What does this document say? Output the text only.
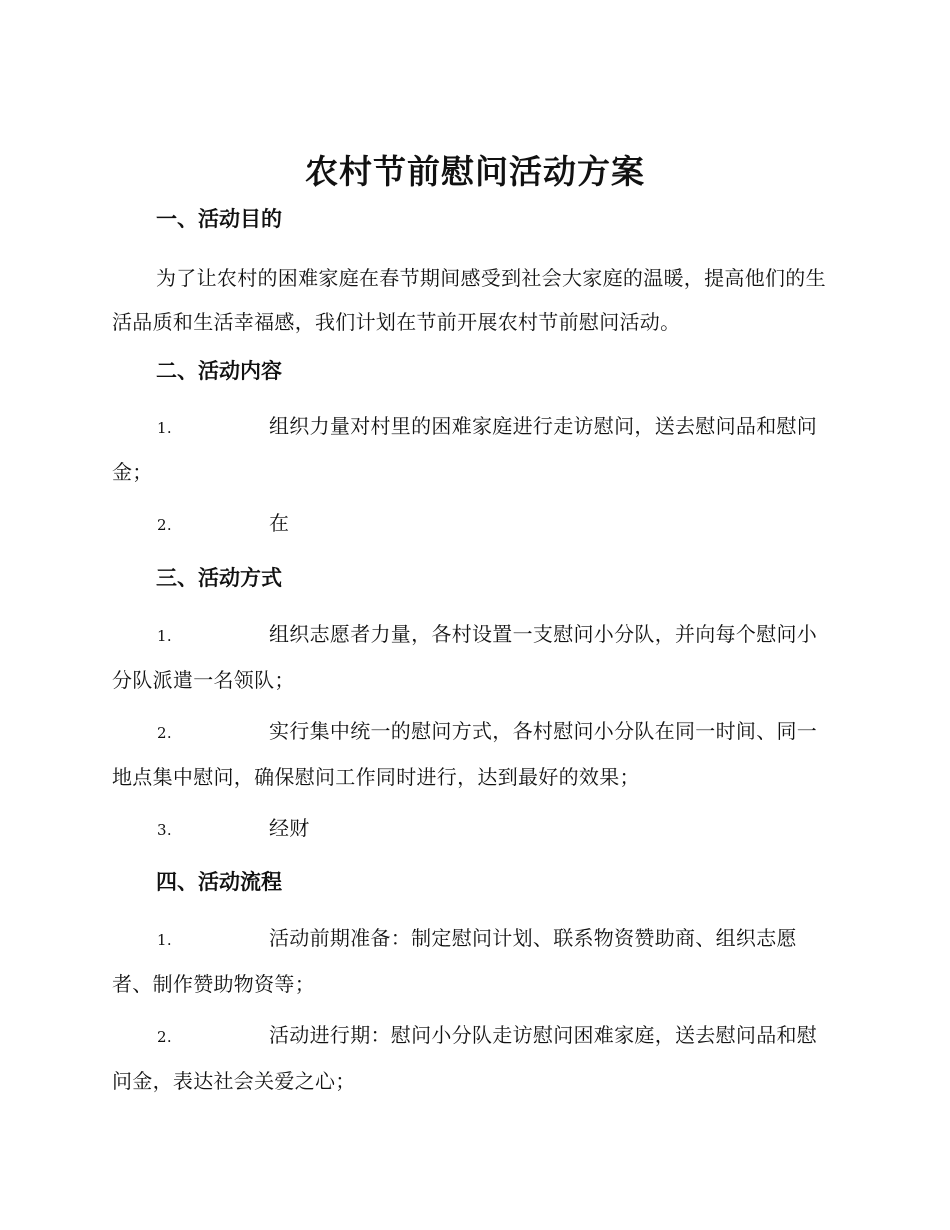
农村节前慰问活动方案
一、活动目的
为了让农村的困难家庭在春节期间感受到社会大家庭的温暖，提高他们的生活品质和生活幸福感，我们计划在节前开展农村节前慰问活动。
二、活动内容
1.	组织力量对村里的困难家庭进行走访慰问，送去慰问品和慰问金；
2.	在
三、活动方式
1.	组织志愿者力量，各村设置一支慰问小分队，并向每个慰问小分队派遣一名领队；
2.	实行集中统一的慰问方式，各村慰问小分队在同一时间、同一地点集中慰问，确保慰问工作同时进行，达到最好的效果；
3.	经财
四、活动流程
1.	活动前期准备：制定慰问计划、联系物资赞助商、组织志愿者、制作赞助物资等；
2.	活动进行期：慰问小分队走访慰问困难家庭，送去慰问品和慰问金，表达社会关爱之心；
